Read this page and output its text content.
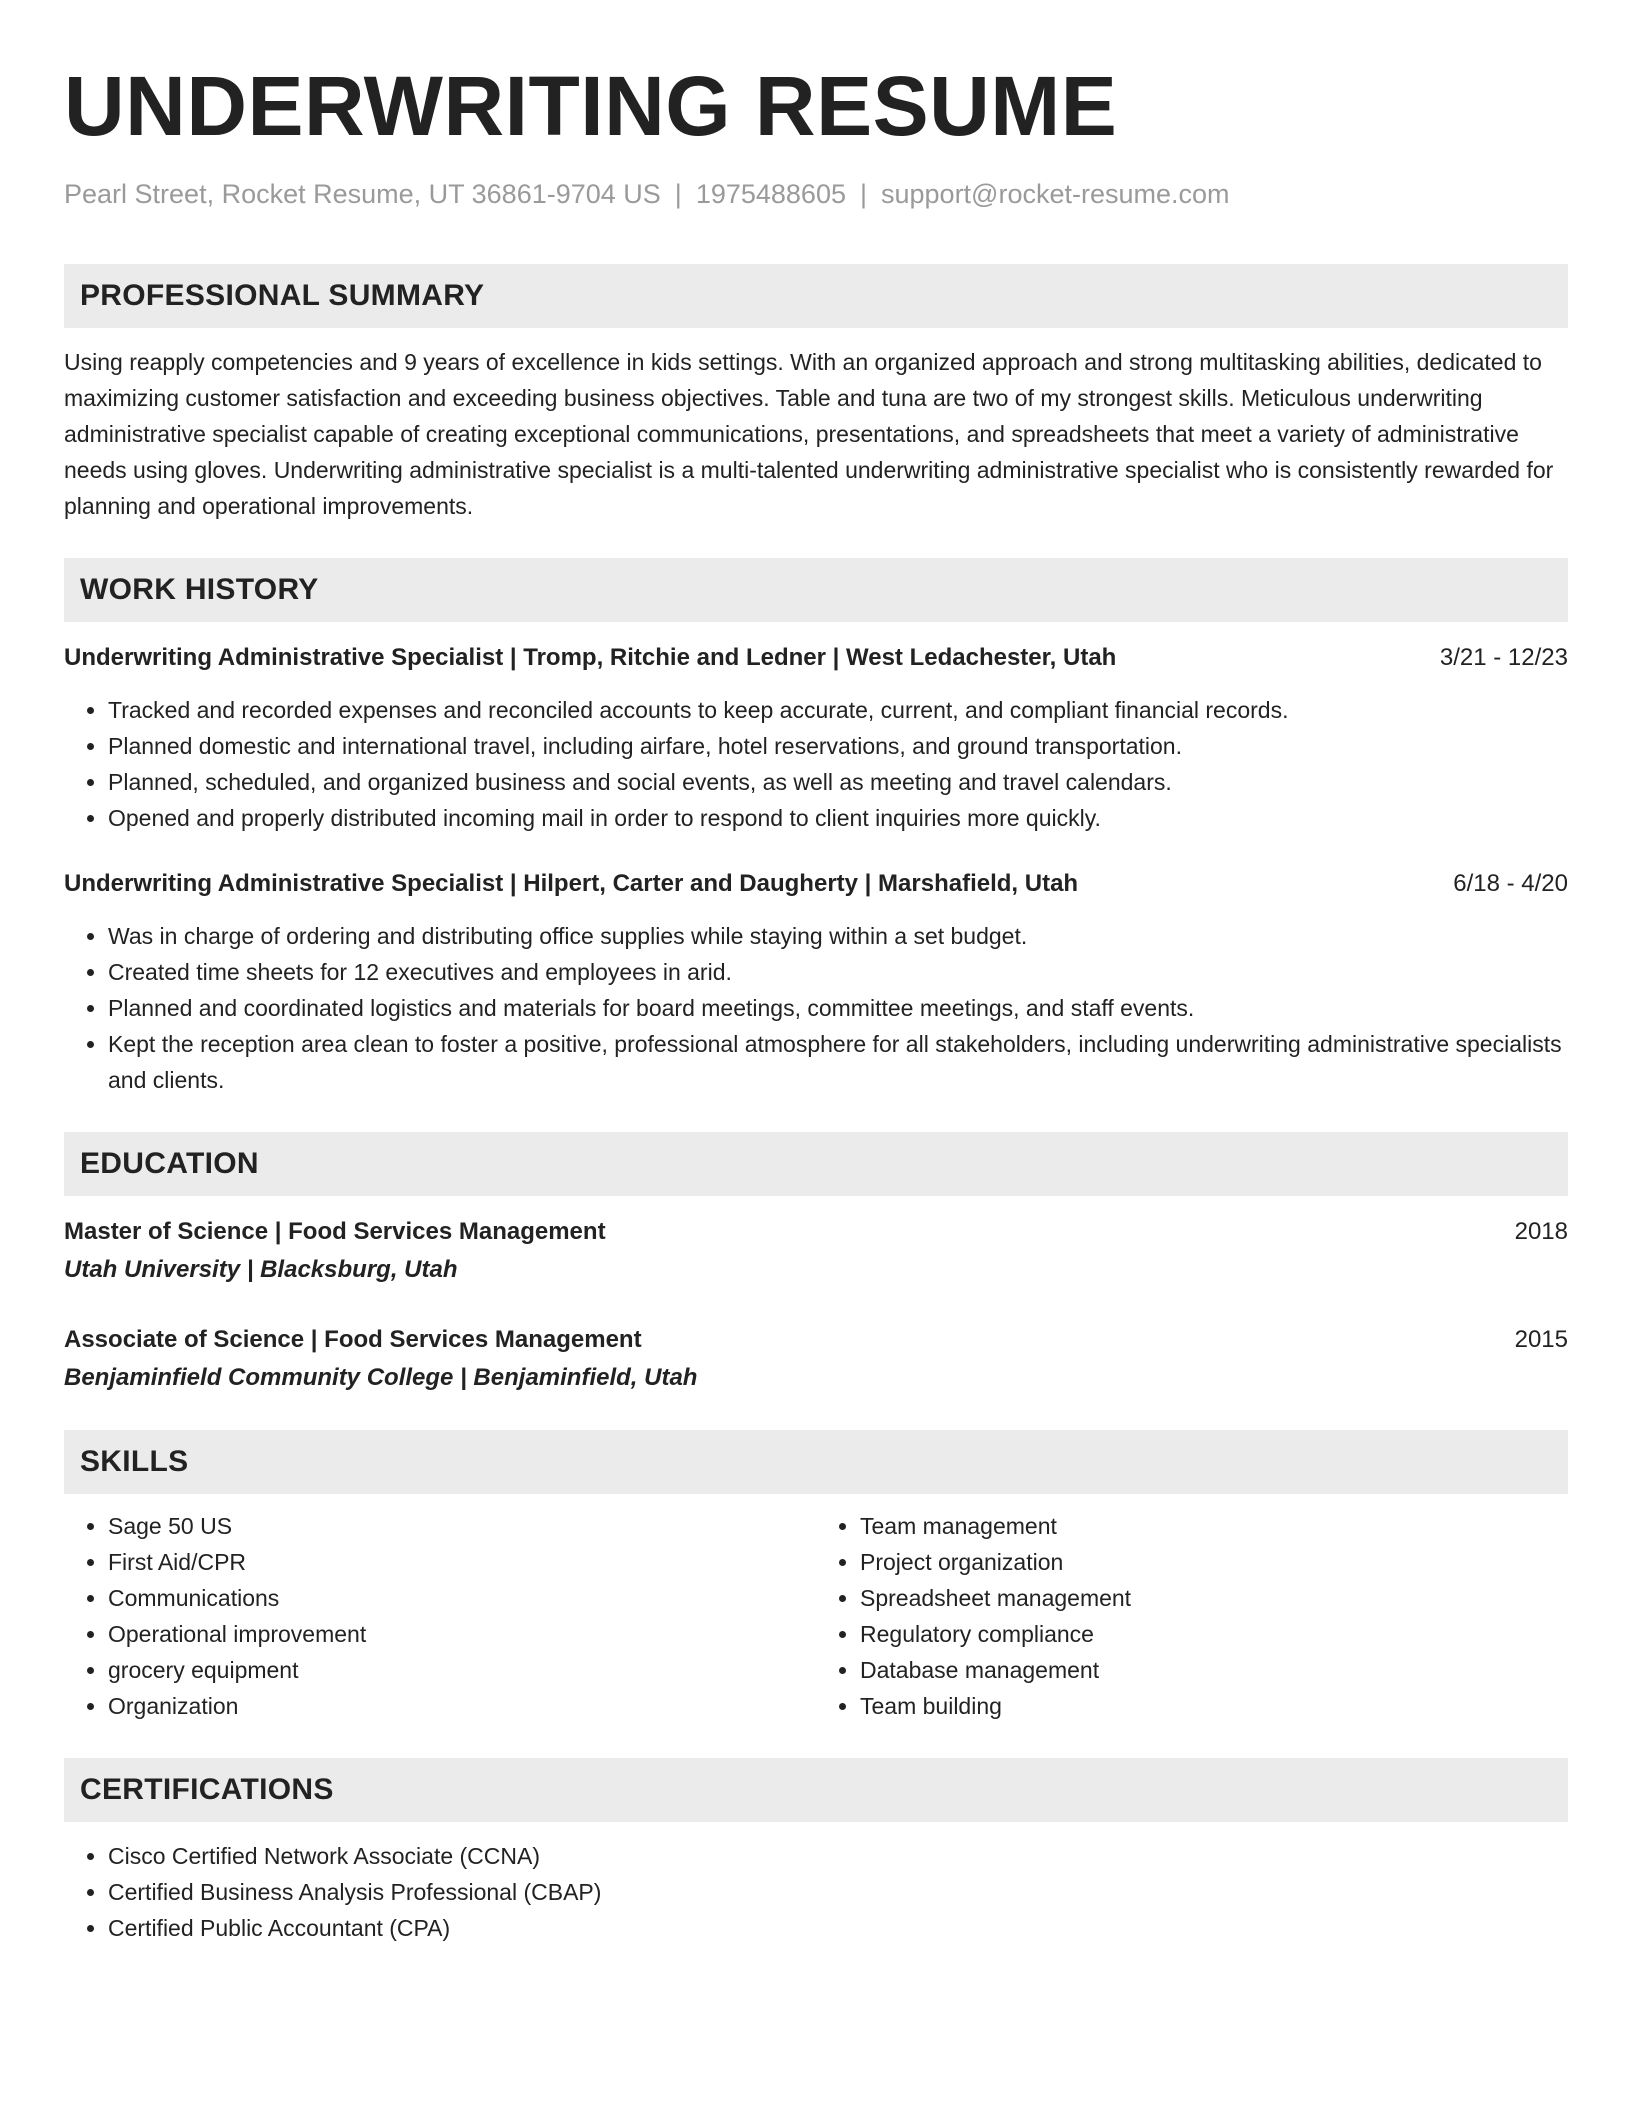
UNDERWRITING RESUME
Pearl Street, Rocket Resume, UT 36861-9704 US | 1975488605 | support@rocket-resume.com
PROFESSIONAL SUMMARY
Using reapply competencies and 9 years of excellence in kids settings. With an organized approach and strong multitasking abilities, dedicated to maximizing customer satisfaction and exceeding business objectives. Table and tuna are two of my strongest skills. Meticulous underwriting administrative specialist capable of creating exceptional communications, presentations, and spreadsheets that meet a variety of administrative needs using gloves. Underwriting administrative specialist is a multi-talented underwriting administrative specialist who is consistently rewarded for planning and operational improvements.
WORK HISTORY
Underwriting Administrative Specialist | Tromp, Ritchie and Ledner | West Ledachester, Utah	3/21 - 12/23
• Tracked and recorded expenses and reconciled accounts to keep accurate, current, and compliant financial records.
• Planned domestic and international travel, including airfare, hotel reservations, and ground transportation.
• Planned, scheduled, and organized business and social events, as well as meeting and travel calendars.
• Opened and properly distributed incoming mail in order to respond to client inquiries more quickly.
Underwriting Administrative Specialist | Hilpert, Carter and Daugherty | Marshafield, Utah	6/18 - 4/20
• Was in charge of ordering and distributing office supplies while staying within a set budget.
• Created time sheets for 12 executives and employees in arid.
• Planned and coordinated logistics and materials for board meetings, committee meetings, and staff events.
• Kept the reception area clean to foster a positive, professional atmosphere for all stakeholders, including underwriting administrative specialists and clients.
EDUCATION
Master of Science | Food Services Management	2018
Utah University | Blacksburg, Utah
Associate of Science | Food Services Management	2015
Benjaminfield Community College | Benjaminfield, Utah
SKILLS
• Sage 50 US
• First Aid/CPR
• Communications
• Operational improvement
• grocery equipment
• Organization
• Team management
• Project organization
• Spreadsheet management
• Regulatory compliance
• Database management
• Team building
CERTIFICATIONS
• Cisco Certified Network Associate (CCNA)
• Certified Business Analysis Professional (CBAP)
• Certified Public Accountant (CPA)
